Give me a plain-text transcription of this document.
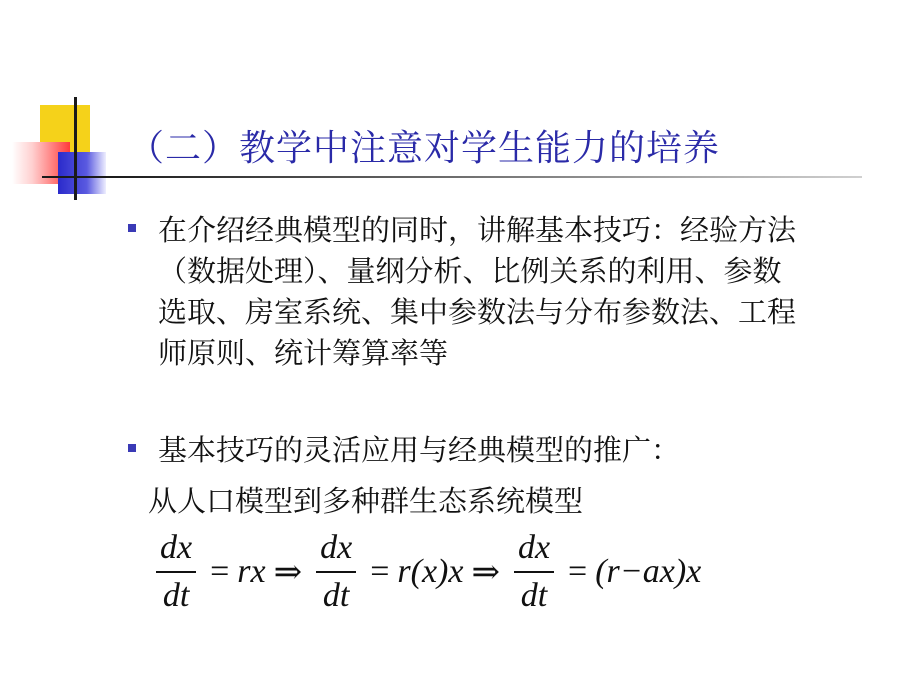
（二）教学中注意对学生能力的培养
在介绍经典模型的同时，讲解基本技巧：经验方法（数据处理）、量纲分析、比例关系的利用、参数选取、房室系统、集中参数法与分布参数法、工程师原则、统计筹算率等
基本技巧的灵活应用与经典模型的推广：
从人口模型到多种群生态系统模型
$\frac{dx}{dt}$ = rx ⇒ $\frac{dx}{dt} = r(x)x$ ⇒ $\frac{dx}{dt} = (r-ax)x$
